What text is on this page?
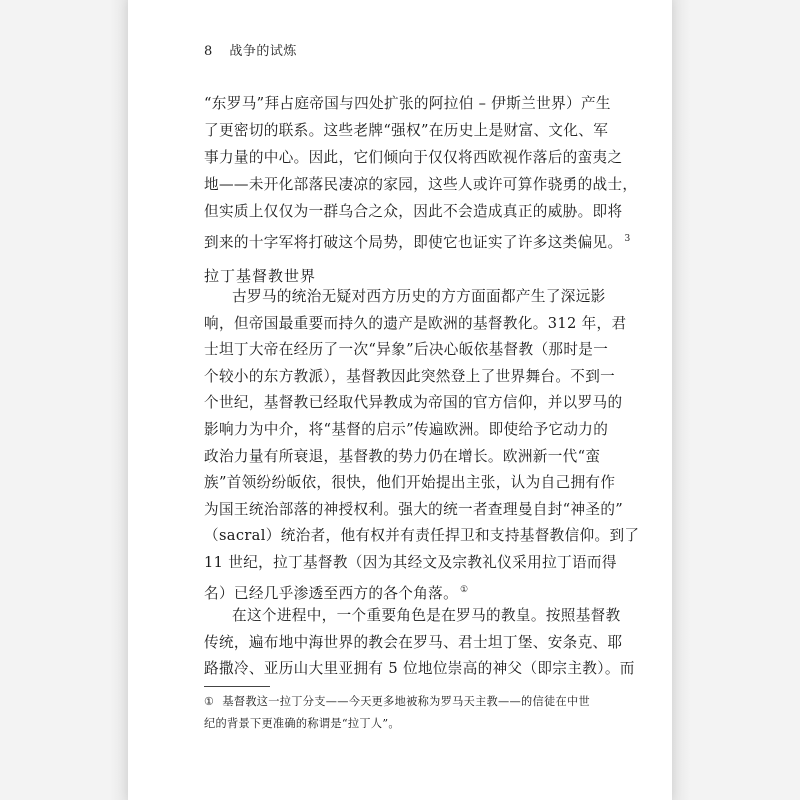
8 战争的试炼
“东罗马”拜占庭帝国与四处扩张的阿拉伯 – 伊斯兰世界）产生
了更密切的联系。这些老牌“强权”在历史上是财富、文化、军
事力量的中心。因此，它们倾向于仅仅将西欧视作落后的蛮夷之
地——未开化部落民凄凉的家园，这些人或许可算作骁勇的战士，
但实质上仅仅为一群乌合之众，因此不会造成真正的威胁。即将
到来的十字军将打破这个局势，即使它也证实了许多这类偏见。 $^3$
拉丁基督教世界
古罗马的统治无疑对西方历史的方方面面都产生了深远影
响，但帝国最重要而持久的遗产是欧洲的基督教化。312 年，君
士坦丁大帝在经历了一次“异象”后决心皈依基督教（那时是一
个较小的东方教派），基督教因此突然登上了世界舞台。不到一
个世纪，基督教已经取代异教成为帝国的官方信仰，并以罗马的
影响力为中介，将“基督的启示”传遍欧洲。即使给予它动力的
政治力量有所衰退，基督教的势力仍在增长。欧洲新一代“蛮
族”首领纷纷皈依，很快，他们开始提出主张，认为自己拥有作
为国王统治部落的神授权利。强大的统一者查理曼自封“神圣的”
（sacral）统治者，他有权并有责任捍卫和支持基督教信仰。到了
11 世纪，拉丁基督教（因为其经文及宗教礼仪采用拉丁语而得
名）已经几乎渗透至西方的各个角落。 ①
在这个进程中，一个重要角色是在罗马的教皇。按照基督教
传统，遍布地中海世界的教会在罗马、君士坦丁堡、安条克、耶
① 基督教这一拉丁分支——今天更多地被称为罗马天主教——的信徒在中世
纪的背景下更准确的称谓是“拉丁人”。
路撒冷、亚历山大里亚拥有 5 位地位崇高的神父（即宗主教）。而
